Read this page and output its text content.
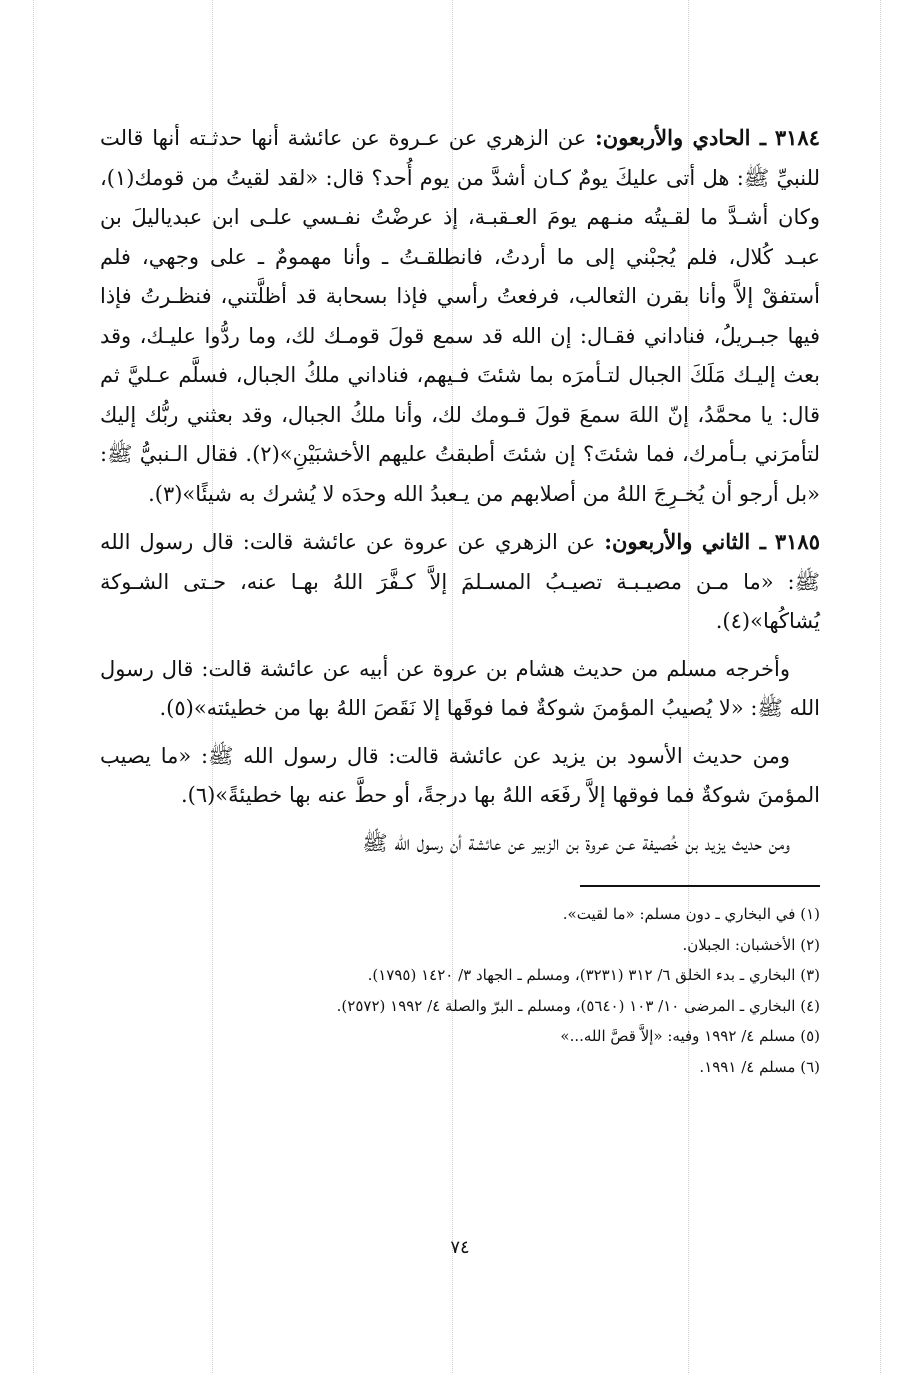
٣١٨٤ ـ الحادي والأربعون: عن الزهري عن عـروة عن عائشة أنها حدثـته أنها قالت للنبيِّ ﷺ: هل أتى عليكَ يومٌ كـان أشدَّ من يوم أُحد؟ قال: «لقد لقيتُ من قومك(١)، وكان أشـدَّ ما لقـيتُه منـهم يومَ العـقبـة، إذ عرضْتُ نفـسي علـى ابن عبدياليلَ بن عبـد كُلال، فلم يُجبْني إلى ما أردتُ، فانطلقـتُ ـ وأنا مهمومٌ ـ على وجهي، فلم أستفقْ إلاَّ وأنا بقرن الثعالب، فرفعتُ رأسي فإذا بسحابة قد أظلَّتني، فنظـرتُ فإذا فيها جبـريلُ، فناداني فقـال: إن الله قد سمع قولَ قومـك لك، وما ردُّوا عليـك، وقد بعث إليـك مَلَكَ الجبال لتـأمرَه بما شئتَ فـيهم، فناداني ملكُ الجبال، فسلَّم عـليَّ ثم قال: يا محمَّدُ، إنّ اللهَ سمعَ قولَ قـومك لك، وأنا ملكُ الجبال، وقد بعثني ربُّك إليك لتأمرَني بـأمرك، فما شئتَ؟ إن شئتَ أطبقتُ عليهم الأخشبَيْنِ»(٢). فقال الـنبيُّ ﷺ: «بل أرجو أن يُخـرِجَ اللهُ من أصلابهم من يـعبدُ الله وحدَه لا يُشرك به شيئًا»(٣).

٣١٨٥ ـ الثاني والأربعون: عن الزهري عن عروة عن عائشة قالت: قال رسول الله ﷺ: «ما مـن مصيـبـة تصيـبُ المسـلمَ إلاَّ كـفَّرَ اللهُ بهـا عنه، حـتى الشـوكة يُشاكُها»(٤).

وأخرجه مسلم من حديث هشام بن عروة عن أبيه عن عائشة قالت: قال رسول الله ﷺ: «لا يُصيبُ المؤمنَ شوكةٌ فما فوقَها إلا نَقَصَ اللهُ بها من خطيئته»(٥).

ومن حديث الأسود بن يزيد عن عائشة قالت: قال رسول الله ﷺ: «ما يصيب المؤمنَ شوكةٌ فما فوقها إلاَّ رفَعَه اللهُ بها درجةً، أو حطَّ عنه بها خطيئةً»(٦).

ومن حديث يزيد بن خُصيفة عـن عروة بن الزبير عن عائشة أن رسول الله ﷺ

(١) في البخاري ـ دون مسلم: «ما لقيت».

(٢) الأخشبان: الجبلان.

(٣) البخاري ـ بدء الخلق ٦/ ٣١٢ (٣٢٣١)، ومسلم ـ الجهاد ٣/ ١٤٢٠ (١٧٩٥).

(٤) البخاري ـ المرضى ١٠/ ١٠٣ (٥٦٤٠)، ومسلم ـ البرّ والصلة ٤/ ١٩٩٢ (٢٥٧٢).

(٥) مسلم ٤/ ١٩٩٢ وفيه: «إلاَّ قصَّ الله...»

(٦) مسلم ٤/ ١٩٩١.

٧٤
